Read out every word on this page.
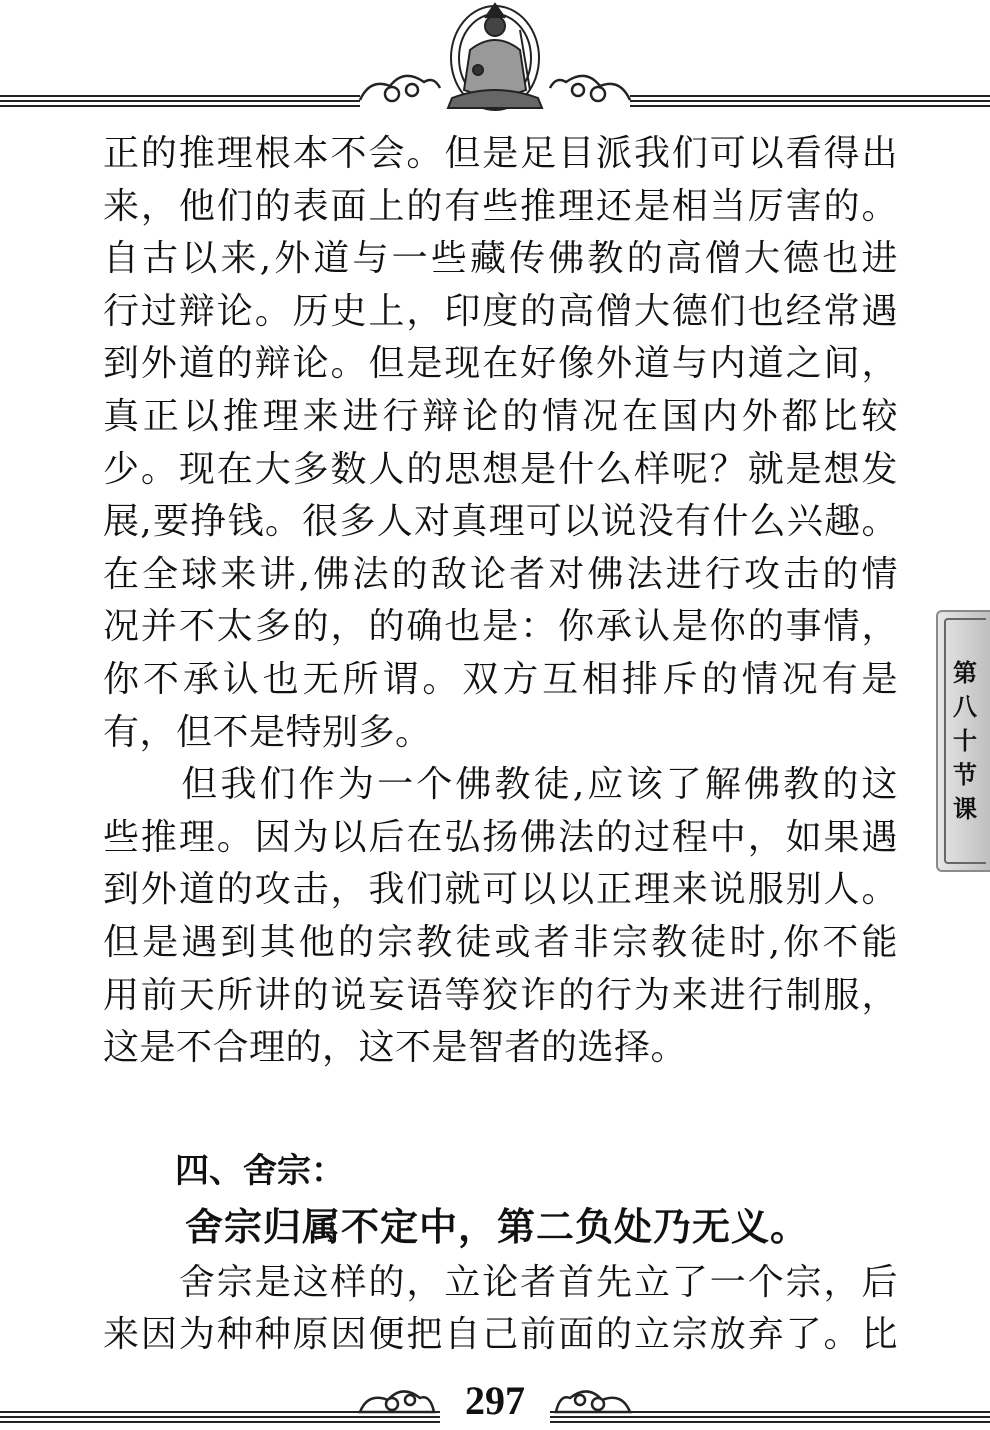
正的推理根本不会。但是足目派我们可以看得出
来，他们的表面上的有些推理还是相当厉害的。
自古以来,外道与一些藏传佛教的高僧大德也进
行过辩论。历史上，印度的高僧大德们也经常遇
到外道的辩论。但是现在好像外道与内道之间，
真正以推理来进行辩论的情况在国内外都比较
少。现在大多数人的思想是什么样呢？就是想发
展,要挣钱。很多人对真理可以说没有什么兴趣。
在全球来讲,佛法的敌论者对佛法进行攻击的情
况并不太多的，的确也是：你承认是你的事情，
你不承认也无所谓。双方互相排斥的情况有是
有，但不是特别多。
　　但我们作为一个佛教徒,应该了解佛教的这
些推理。因为以后在弘扬佛法的过程中，如果遇
到外道的攻击，我们就可以以正理来说服别人。
但是遇到其他的宗教徒或者非宗教徒时,你不能
用前天所讲的说妄语等狡诈的行为来进行制服，
这是不合理的，这不是智者的选择。
四、舍宗：
舍宗归属不定中，第二负处乃无义。
　　舍宗是这样的，立论者首先立了一个宗，后
来因为种种原因便把自己前面的立宗放弃了。比
第
八
十
节
课
297
